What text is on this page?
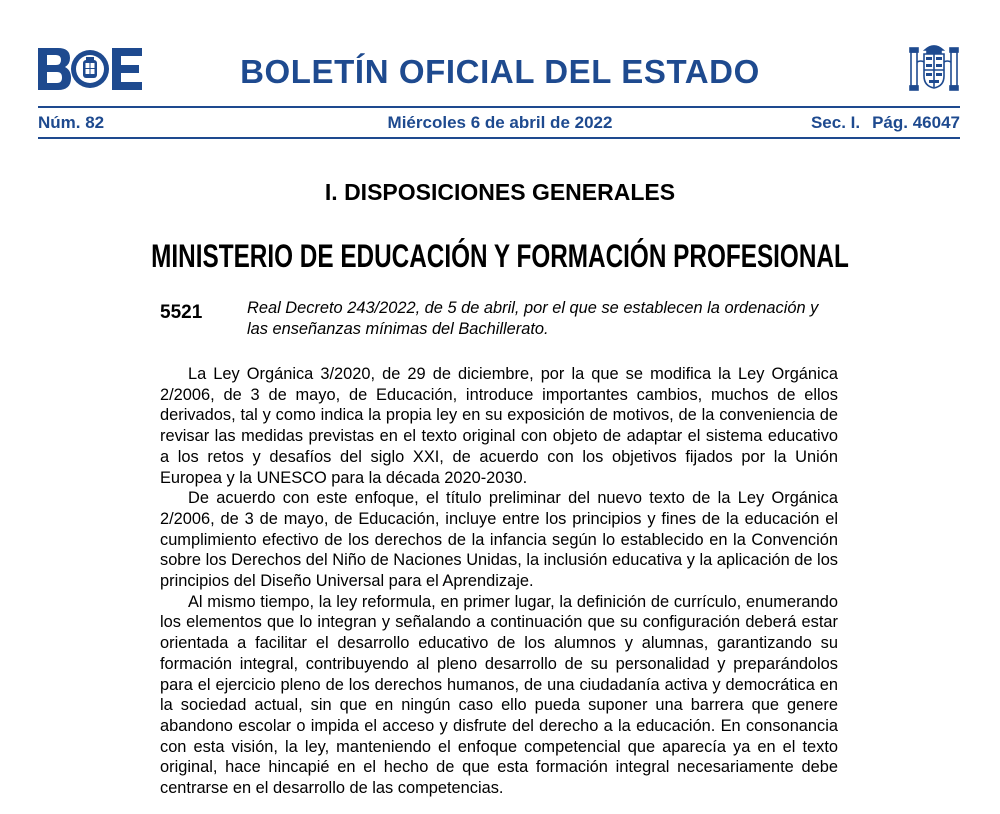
BOLETÍN OFICIAL DEL ESTADO
Núm. 82	Miércoles 6 de abril de 2022	Sec. I. Pág. 46047
I. DISPOSICIONES GENERALES
MINISTERIO DE EDUCACIÓN Y FORMACIÓN PROFESIONAL
5521	Real Decreto 243/2022, de 5 de abril, por el que se establecen la ordenación y las enseñanzas mínimas del Bachillerato.

La Ley Orgánica 3/2020, de 29 de diciembre, por la que se modifica la Ley Orgánica 2/2006, de 3 de mayo, de Educación, introduce importantes cambios, muchos de ellos derivados, tal y como indica la propia ley en su exposición de motivos, de la conveniencia de revisar las medidas previstas en el texto original con objeto de adaptar el sistema educativo a los retos y desafíos del siglo XXI, de acuerdo con los objetivos fijados por la Unión Europea y la UNESCO para la década 2020-2030.

De acuerdo con este enfoque, el título preliminar del nuevo texto de la Ley Orgánica 2/2006, de 3 de mayo, de Educación, incluye entre los principios y fines de la educación el cumplimiento efectivo de los derechos de la infancia según lo establecido en la Convención sobre los Derechos del Niño de Naciones Unidas, la inclusión educativa y la aplicación de los principios del Diseño Universal para el Aprendizaje.

Al mismo tiempo, la ley reformula, en primer lugar, la definición de currículo, enumerando los elementos que lo integran y señalando a continuación que su configuración deberá estar orientada a facilitar el desarrollo educativo de los alumnos y alumnas, garantizando su formación integral, contribuyendo al pleno desarrollo de su personalidad y preparándolos para el ejercicio pleno de los derechos humanos, de una ciudadanía activa y democrática en la sociedad actual, sin que en ningún caso ello pueda suponer una barrera que genere abandono escolar o impida el acceso y disfrute del derecho a la educación. En consonancia con esta visión, la ley, manteniendo el enfoque competencial que aparecía ya en el texto original, hace hincapié en el hecho de que esta formación integral necesariamente debe centrarse en el desarrollo de las competencias.
